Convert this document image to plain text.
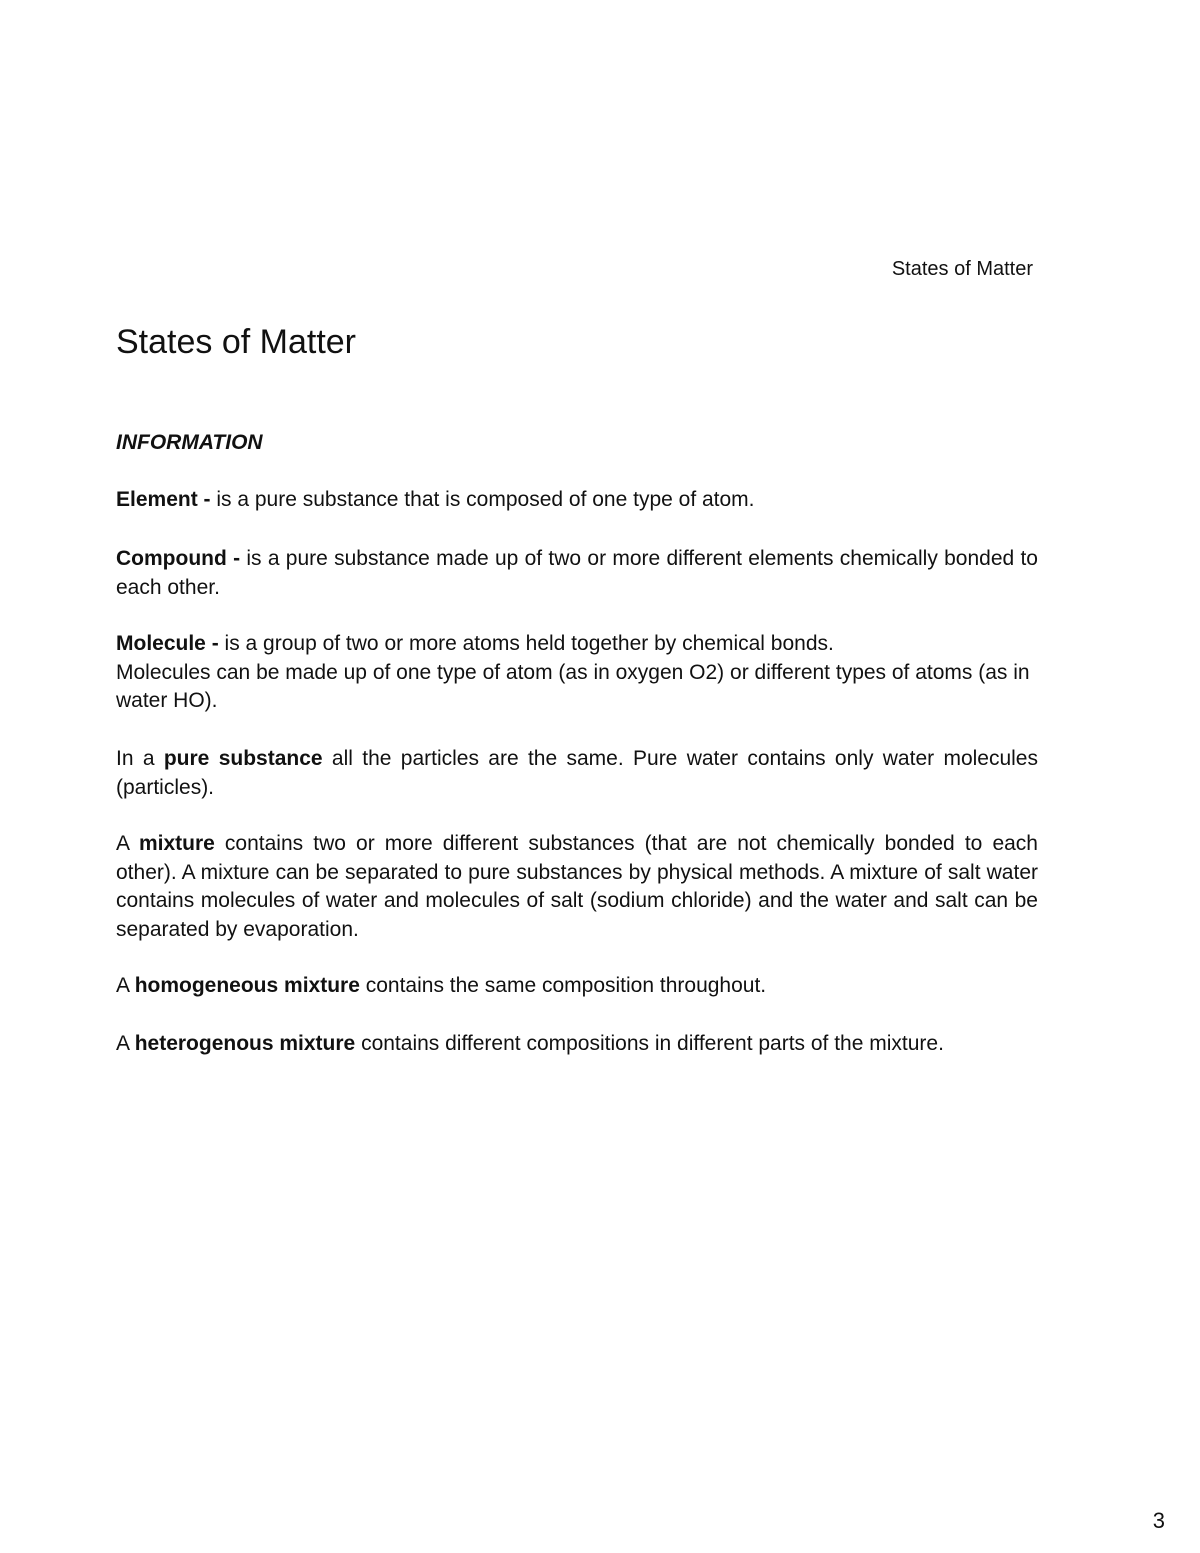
States of Matter
States of Matter
INFORMATION

Element - is a pure substance that is composed of one type of atom.

Compound - is a pure substance made up of two or more different elements chemically bonded to each other.

Molecule - is a group of two or more atoms held together by chemical bonds.
Molecules can be made up of one type of atom (as in oxygen O2) or different types of atoms (as in water HO).

In a pure substance all the particles are the same. Pure water contains only water molecules (particles).

A mixture contains two or more different substances (that are not chemically bonded to each other). A mixture can be separated to pure substances by physical methods. A mixture of salt water contains molecules of water and molecules of salt (sodium chloride) and the water and salt can be separated by evaporation.

A homogeneous mixture contains the same composition throughout.

A heterogenous mixture contains different compositions in different parts of the mixture.

3
